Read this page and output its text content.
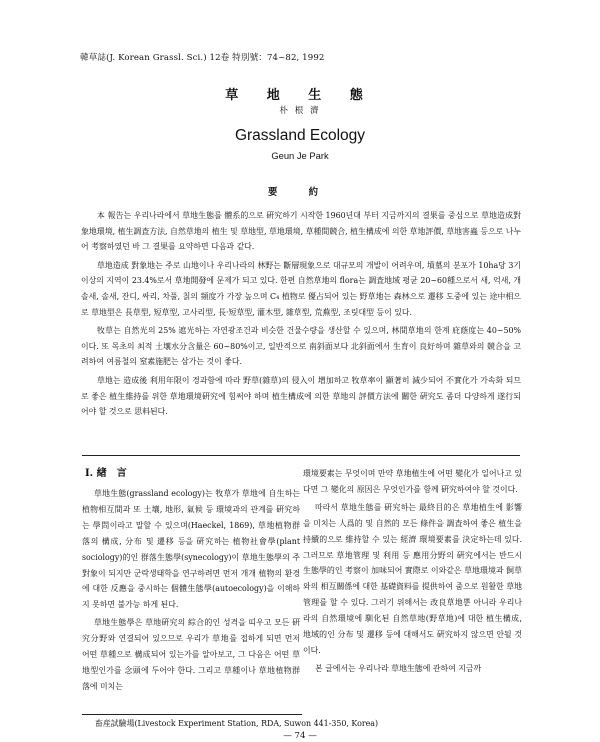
韓草誌(J. Korean Grassl. Sci.) 12卷 特別號：74~82, 1992
草 地 生 態
朴 根 濟
Grassland Ecology
Geun Je Park
要 約

本 報告는 우리나라에서 草地生態를 體系的으로 硏究하기 시작한 1960년대 부터 지금까지의 결果를 중심으로 草地造成對象地環境, 植生調査方法, 自然草地의 植生 및 草地型, 草地環境, 草種間競合, 植生構成에 의한 草地評價, 草地害蟲 등으로 나누어 考察하였던 바 그 결果를 요약하면 다음과 같다.

草地造成 對象地는 주로 山地이나 우리나라의 林野는 斷層現象으로 대규모의 개발이 어려우며, 墳墓의 분포가 10ha당 3기 이상의 지역이 23.4%로서 草地開發에 문제가 되고 있다. 한편 自然草地의 flora는 調査地域 평균 20~60種으로서 새, 억새, 개솔새, 솔새, 잔디, 싸리, 차풀, 칡의 頻度가 가장 높으며 C₄ 植物로 優占되어 있는 野草地는 森林으로 遷移 도중에 있는 途中相으로 草地型은 長草型, 短草型, 고사리型, 長·短草型, 灌木型, 雜草型, 荒蕪型, 조릿대型 등이 있다.

牧草는 自然光의 25% 遮光하는 자연광조건과 비슷한 건물수량을 생산할 수 있으며, 林間草地의 한계 庇蔭度는 40~50%이다. 또 목초의 최적 土壤水分含量은 60~80%이고, 일반적으로 南斜面보다 北斜面에서 生育이 良好하며 雜草와의 競合을 고려하여 여름철의 窒素施肥는 삼가는 것이 좋다.

草地는 造成後 利用年限이 경과함에 따라 野草(雜草)의 侵入이 增加하고 牧草率이 顯著히 減少되어 不實化가 가속화 되므로 좋은 植生維持를 위한 草地環境硏究에 힘써야 하며 植生構成에 의한 草地의 評價方法에 關한 硏究도 좀더 다양하게 遂行되어야 할 것으로 思料된다.

I. 緖　言

草地生態(grassland ecology)는 牧草가 草地에 自生하는 植物相互間과 또 土壤, 地形, 氣候 등 環境과의 관계를 硏究하는 學問이라고 말할 수 있으며(Haeckel, 1869), 草地植物群落의 構成, 分布 및 遷移 등을 硏究하는 植物社會學(plant sociology)的인 群落生態學(synecology)이 草地生態學의 주 對象이 되지만 군락생태학을 연구하려면 먼저 개개 植物의 환경에 대한 反應을 중시하는 個體生態學(autoecology)을 이해하지 못하면 불가능 하게 된다.

草地生態學은 草地硏究의 綜合的인 성격을 띠우고 모든 硏究分野와 연결되어 있으므로 우리가 草地를 접하게 되면 먼저 어떤 草種으로 構成되어 있는가를 알아보고, 그 다음은 어떤 草地型인가를 念頭에 두어야 한다. 그리고 草種이나 草地植物群落에 미치는

環境要素는 무엇이며 만약 草地植生에 어떤 變化가 일어나고 있다면 그 變化의 原因은 무엇인가를 함께 硏究하여야 할 것이다.

따라서 草地生態를 硏究하는 最終目的은 草地植生에 影響을 미치는 人爲的 및 自然的 모든 條件을 調査하여 좋은 植生을 持續的으로 維持할 수 있는 經濟 環境要素를 決定하는데 있다. 그러므로 草地管理 및 利用 등 應用分野의 硏究에서는 반드시 生態學的인 考察이 加味되어 實際로 이와같은 草地環境과 飼草와의 相互關係에 대한 基礎資料를 提供하여 줌으로 원활한 草地管理를 할 수 있다. 그러기 위해서는 改良草地뿐 아니라 우리나라의 自然環境에 馴化된 自然草地(野草地)에 대한 植生構成, 地域的인 分布 및 遷移 등에 대해서도 硏究하지 않으면 안될 것이다.

본 글에서는 우리나라 草地生態에 관하여 지금까

畜産試驗場(Livestock Experiment Station, RDA, Suwon 441-350, Korea)
— 74 —
